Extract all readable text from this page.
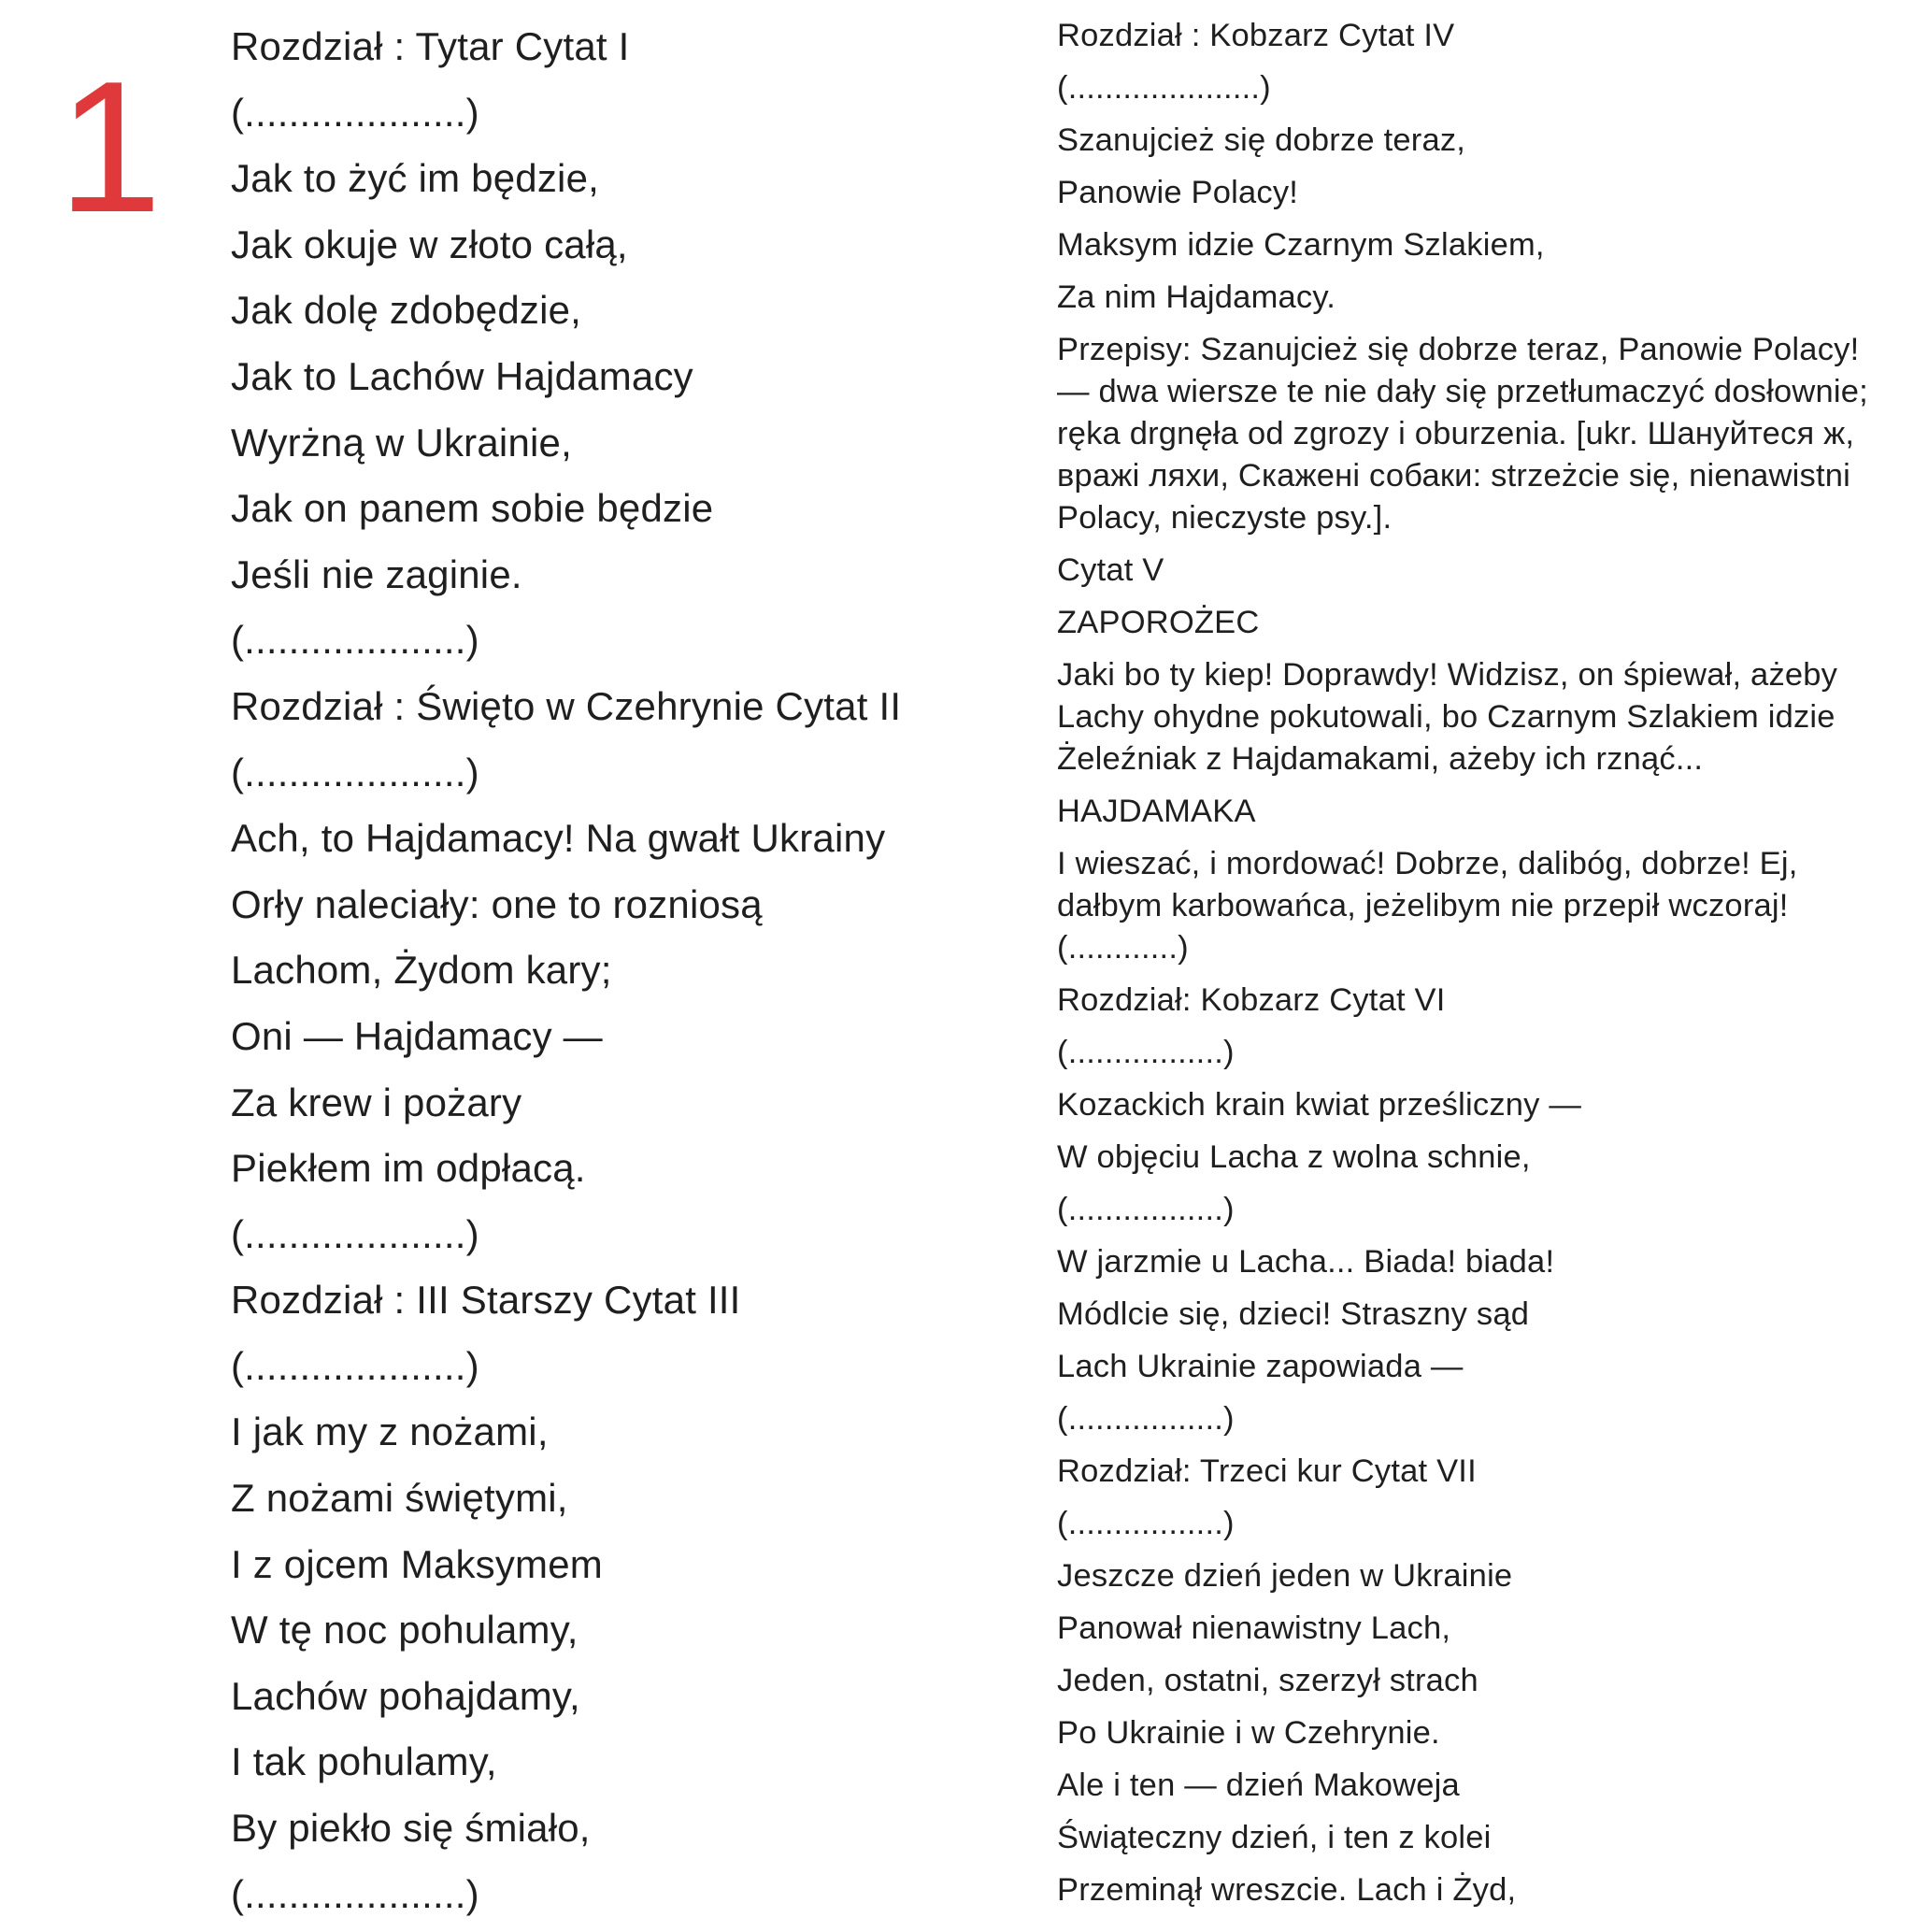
1 Rozdział : Tytar Cytat I
(....................)
Jak to żyć im będzie,
Jak okuje w złoto całą,
Jak dolę zdobędzie,
Jak to Lachów Hajdamacy
Wyrżną w Ukrainie,
Jak on panem sobie będzie
Jeśli nie zaginie.
(....................)
Rozdział : Święto w Czehrynie Cytat II
(....................)
Ach, to Hajdamacy! Na gwałt Ukrainy
Orły naleciały: one to rozniosą
Lachom, Żydom kary;
Oni — Hajdamacy —
Za krew i pożary
Piekłem im odpłacą.
(....................)
Rozdział : III Starszy Cytat III
(....................)
I jak my z nożami,
Z nożami świętymi,
I z ojcem Maksymem
W tę noc pohulamy,
Lachów pohajdamy,
I tak pohulamy,
By piekło się śmiało,
(....................)
Rozdział : Kobzarz Cytat IV
(.....................)
Szanujcież się dobrze teraz,
Panowie Polacy!
Maksym idzie Czarnym Szlakiem,
Za nim Hajdamacy.
Przepisy: Szanujcież się dobrze teraz, Panowie Polacy! — dwa wiersze te nie dały się przetłumaczyć dosłownie; ręka drgnęła od zgrozy i oburzenia. [ukr. Шануйтеся ж, вражі ляхи, Скажені собаки: strzeżcie się, nienawistni Polacy, nieczyste psy.].
Cytat V
ZAPOROŻEC
Jaki bo ty kiep! Doprawdy! Widzisz, on śpiewał, ażeby Lachy ohydne pokutowali, bo Czarnym Szlakiem idzie Żeleźniak z Hajdamakami, ażeby ich rznąć...
HAJDAMAKA
I wieszać, i mordować! Dobrze, dalibóg, dobrze! Ej, dałbym karbowańca, jeżelibym nie przepił wczoraj! (............)
Rozdział: Kobzarz Cytat VI
(.................)
Kozackich krain kwiat prześliczny —
W objęciu Lacha z wolna schnie,
(.................)
W jarzmie u Lacha... Biada! biada!
Módlcie się, dzieci! Straszny sąd
Lach Ukrainie zapowiada —
(.................)
Rozdział: Trzeci kur Cytat VII
(.................)
Jeszcze dzień jeden w Ukrainie
Panował nienawistny Lach,
Jeden, ostatni, szerzył strach
Po Ukrainie i w Czehrynie.
Ale i ten — dzień Makoweja
Świąteczny dzień, i ten z kolei
Przeminął wreszcie. Lach i Żyd,
